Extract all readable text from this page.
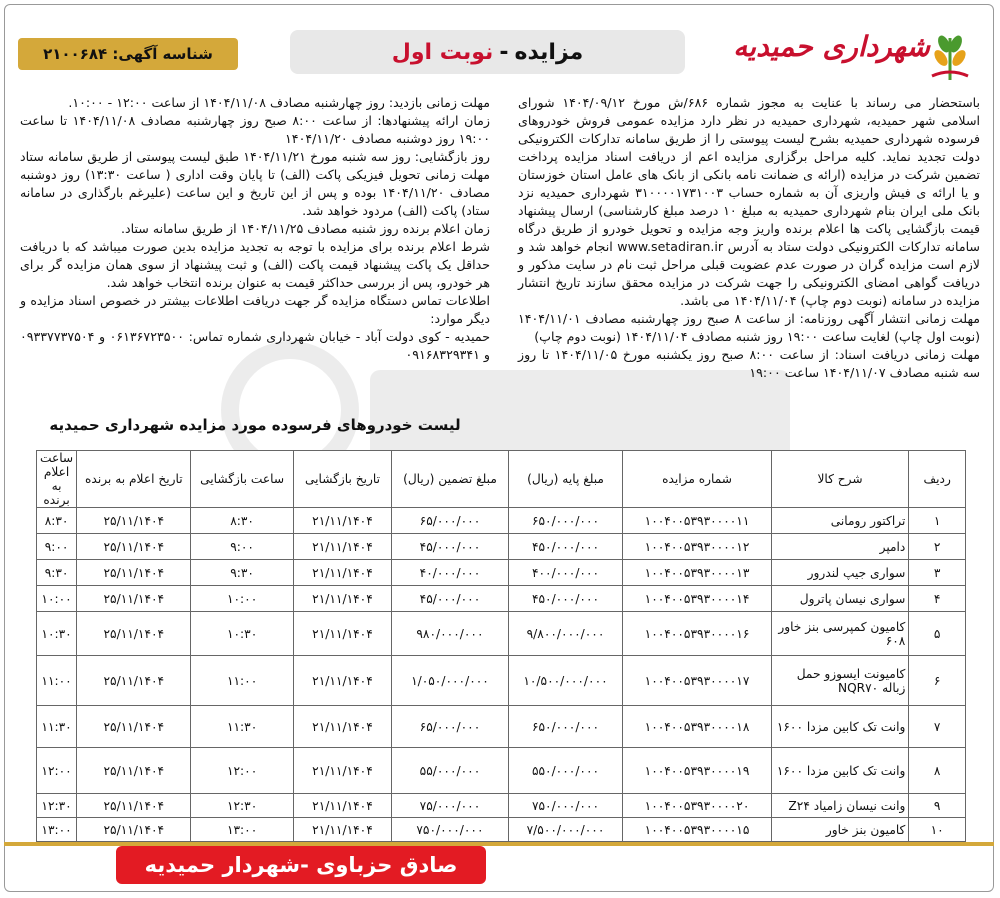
شناسه آگهی: ۲۱۰۰۶۸۴	مزایده
-
نوبت اول	شهرداری حمیدیه

باستحضار می رساند با عنایت به مجوز شماره ۶۸۶/ش مورخ ۱۴۰۴/۰۹/۱۲ شورای اسلامی شهر حمیدیه، شهرداری حمیدیه در نظر دارد مزایده عمومی فروش خودروهای فرسوده شهرداری حمیدیه بشرح لیست پیوستی را از طریق سامانه تدارکات الکترونیکی دولت تجدید نماید. کلیه مراحل برگزاری مزایده اعم از دریافت اسناد مزایده پرداخت تضمین شرکت در مزایده (ارائه ی ضمانت نامه بانکی از بانک های عامل استان خوزستان و یا ارائه ی فیش واریزی آن به شماره حساب ۳۱۰۰۰۰۱۷۳۱۰۰۳ شهرداری حمیدیه نزد بانک ملی ایران بنام شهرداری حمیدیه به مبلغ ۱۰ درصد مبلغ کارشناسی) ارسال پیشنهاد قیمت بازگشایی پاکت ها اعلام برنده واریز وجه مزایده و تحویل خودرو از طریق درگاه سامانه تدارکات الکترونیکی دولت ستاد به آدرس www.setadiran.ir انجام خواهد شد و لازم است مزایده گران در صورت عدم عضویت قبلی مراحل ثبت نام در سایت مذکور و دریافت گواهی امضای الکترونیکی را جهت شرکت در مزایده محقق سازند تاریخ انتشار مزایده در سامانه (نوبت دوم چاپ) ۱۴۰۴/۱۱/۰۴ می باشد.

مهلت زمانی انتشار آگهی روزنامه: از ساعت ۸ صبح روز چهارشنبه مصادف ۱۴۰۴/۱۱/۰۱ (نوبت اول چاپ) لغایت ساعت ۱۹:۰۰ روز شنبه مصادف ۱۴۰۴/۱۱/۰۴ (نوبت دوم چاپ)

مهلت زمانی دریافت اسناد: از ساعت ۸:۰۰ صبح روز یکشنبه مورخ ۱۴۰۴/۱۱/۰۵ تا روز سه شنبه مصادف ۱۴۰۴/۱۱/۰۷ ساعت ۱۹:۰۰

مهلت زمانی بازدید: روز چهارشنبه مصادف ۱۴۰۴/۱۱/۰۸ از ساعت ۱۲:۰۰ - ۱۰:۰۰.

زمان ارائه پیشنهادها: از ساعت ۸:۰۰ صبح روز چهارشنبه مصادف ۱۴۰۴/۱۱/۰۸ تا ساعت ۱۹:۰۰ روز دوشنبه مصادف ۱۴۰۴/۱۱/۲۰

روز بازگشایی: روز سه شنبه مورخ ۱۴۰۴/۱۱/۲۱ طبق لیست پیوستی از طریق سامانه ستاد مهلت زمانی تحویل فیزیکی پاکت (الف) تا پایان وقت اداری ( ساعت ۱۳:۳۰) روز دوشنبه مصادف ۱۴۰۴/۱۱/۲۰ بوده و پس از این تاریخ و این ساعت (علیرغم بارگذاری در سامانه ستاد) پاکت (الف) مردود خواهد شد.

زمان اعلام برنده روز شنبه مصادف ۱۴۰۴/۱۱/۲۵ از طریق سامانه ستاد.

شرط اعلام برنده برای مزایده با توجه به تجدید مزایده بدین صورت میباشد که با دریافت حداقل یک پاکت پیشنهاد قیمت پاکت (الف) و ثبت پیشنهاد از سوی همان مزایده گر برای هر خودرو، پس از بررسی حداکثر قیمت به عنوان برنده انتخاب خواهد شد.

اطلاعات تماس دستگاه مزایده گر جهت دریافت اطلاعات بیشتر در خصوص اسناد مزایده و دیگر موارد:

حمیدیه - کوی دولت آباد - خیابان شهرداری شماره تماس: ۰۶۱۳۶۷۲۳۵۰۰ و ۰۹۳۳۷۷۳۷۵۰۴ و ۰۹۱۶۸۳۲۹۳۴۱

لیست خودروهای فرسوده مورد مزایده شهرداری حمیدیه
ردیف	شرح کالا	شماره مزایده	مبلغ پایه (ریال)	مبلغ تضمین (ریال)	تاریخ بازگشایی	ساعت بازگشایی	تاریخ اعلام به برنده	ساعت اعلام به برنده
۱	تراکتور رومانی	۱۰۰۴۰۰۵۳۹۳۰۰۰۰۱۱	۶۵۰/۰۰۰/۰۰۰	۶۵/۰۰۰/۰۰۰	۲۱/۱۱/۱۴۰۴	۸:۳۰	۲۵/۱۱/۱۴۰۴	۸:۳۰
۲	دامپر	۱۰۰۴۰۰۵۳۹۳۰۰۰۰۱۲	۴۵۰/۰۰۰/۰۰۰	۴۵/۰۰۰/۰۰۰	۲۱/۱۱/۱۴۰۴	۹:۰۰	۲۵/۱۱/۱۴۰۴	۹:۰۰
۳	سواری جیپ لندرور	۱۰۰۴۰۰۵۳۹۳۰۰۰۰۱۳	۴۰۰/۰۰۰/۰۰۰	۴۰/۰۰۰/۰۰۰	۲۱/۱۱/۱۴۰۴	۹:۳۰	۲۵/۱۱/۱۴۰۴	۹:۳۰
۴	سواری نیسان پاترول	۱۰۰۴۰۰۵۳۹۳۰۰۰۰۱۴	۴۵۰/۰۰۰/۰۰۰	۴۵/۰۰۰/۰۰۰	۲۱/۱۱/۱۴۰۴	۱۰:۰۰	۲۵/۱۱/۱۴۰۴	۱۰:۰۰
۵	کامیون کمپرسی بنز خاور ۶۰۸	۱۰۰۴۰۰۵۳۹۳۰۰۰۰۱۶	۹/۸۰۰/۰۰۰/۰۰۰	۹۸۰/۰۰۰/۰۰۰	۲۱/۱۱/۱۴۰۴	۱۰:۳۰	۲۵/۱۱/۱۴۰۴	۱۰:۳۰
۶	کامیونت ایسوزو حمل زباله NQR۷۰	۱۰۰۴۰۰۵۳۹۳۰۰۰۰۱۷	۱۰/۵۰۰/۰۰۰/۰۰۰	۱/۰۵۰/۰۰۰/۰۰۰	۲۱/۱۱/۱۴۰۴	۱۱:۰۰	۲۵/۱۱/۱۴۰۴	۱۱:۰۰
۷	وانت تک کابین مزدا ۱۶۰۰	۱۰۰۴۰۰۵۳۹۳۰۰۰۰۱۸	۶۵۰/۰۰۰/۰۰۰	۶۵/۰۰۰/۰۰۰	۲۱/۱۱/۱۴۰۴	۱۱:۳۰	۲۵/۱۱/۱۴۰۴	۱۱:۳۰
۸	وانت تک کابین مزدا ۱۶۰۰	۱۰۰۴۰۰۵۳۹۳۰۰۰۰۱۹	۵۵۰/۰۰۰/۰۰۰	۵۵/۰۰۰/۰۰۰	۲۱/۱۱/۱۴۰۴	۱۲:۰۰	۲۵/۱۱/۱۴۰۴	۱۲:۰۰
۹	وانت نیسان زامیاد Z۲۴	۱۰۰۴۰۰۵۳۹۳۰۰۰۰۲۰	۷۵۰/۰۰۰/۰۰۰	۷۵/۰۰۰/۰۰۰	۲۱/۱۱/۱۴۰۴	۱۲:۳۰	۲۵/۱۱/۱۴۰۴	۱۲:۳۰
۱۰	کامیون بنز خاور	۱۰۰۴۰۰۵۳۹۳۰۰۰۰۱۵	۷/۵۰۰/۰۰۰/۰۰۰	۷۵۰/۰۰۰/۰۰۰	۲۱/۱۱/۱۴۰۴	۱۳:۰۰	۲۵/۱۱/۱۴۰۴	۱۳:۰۰
صادق حزباوی -شهردار حمیدیه
